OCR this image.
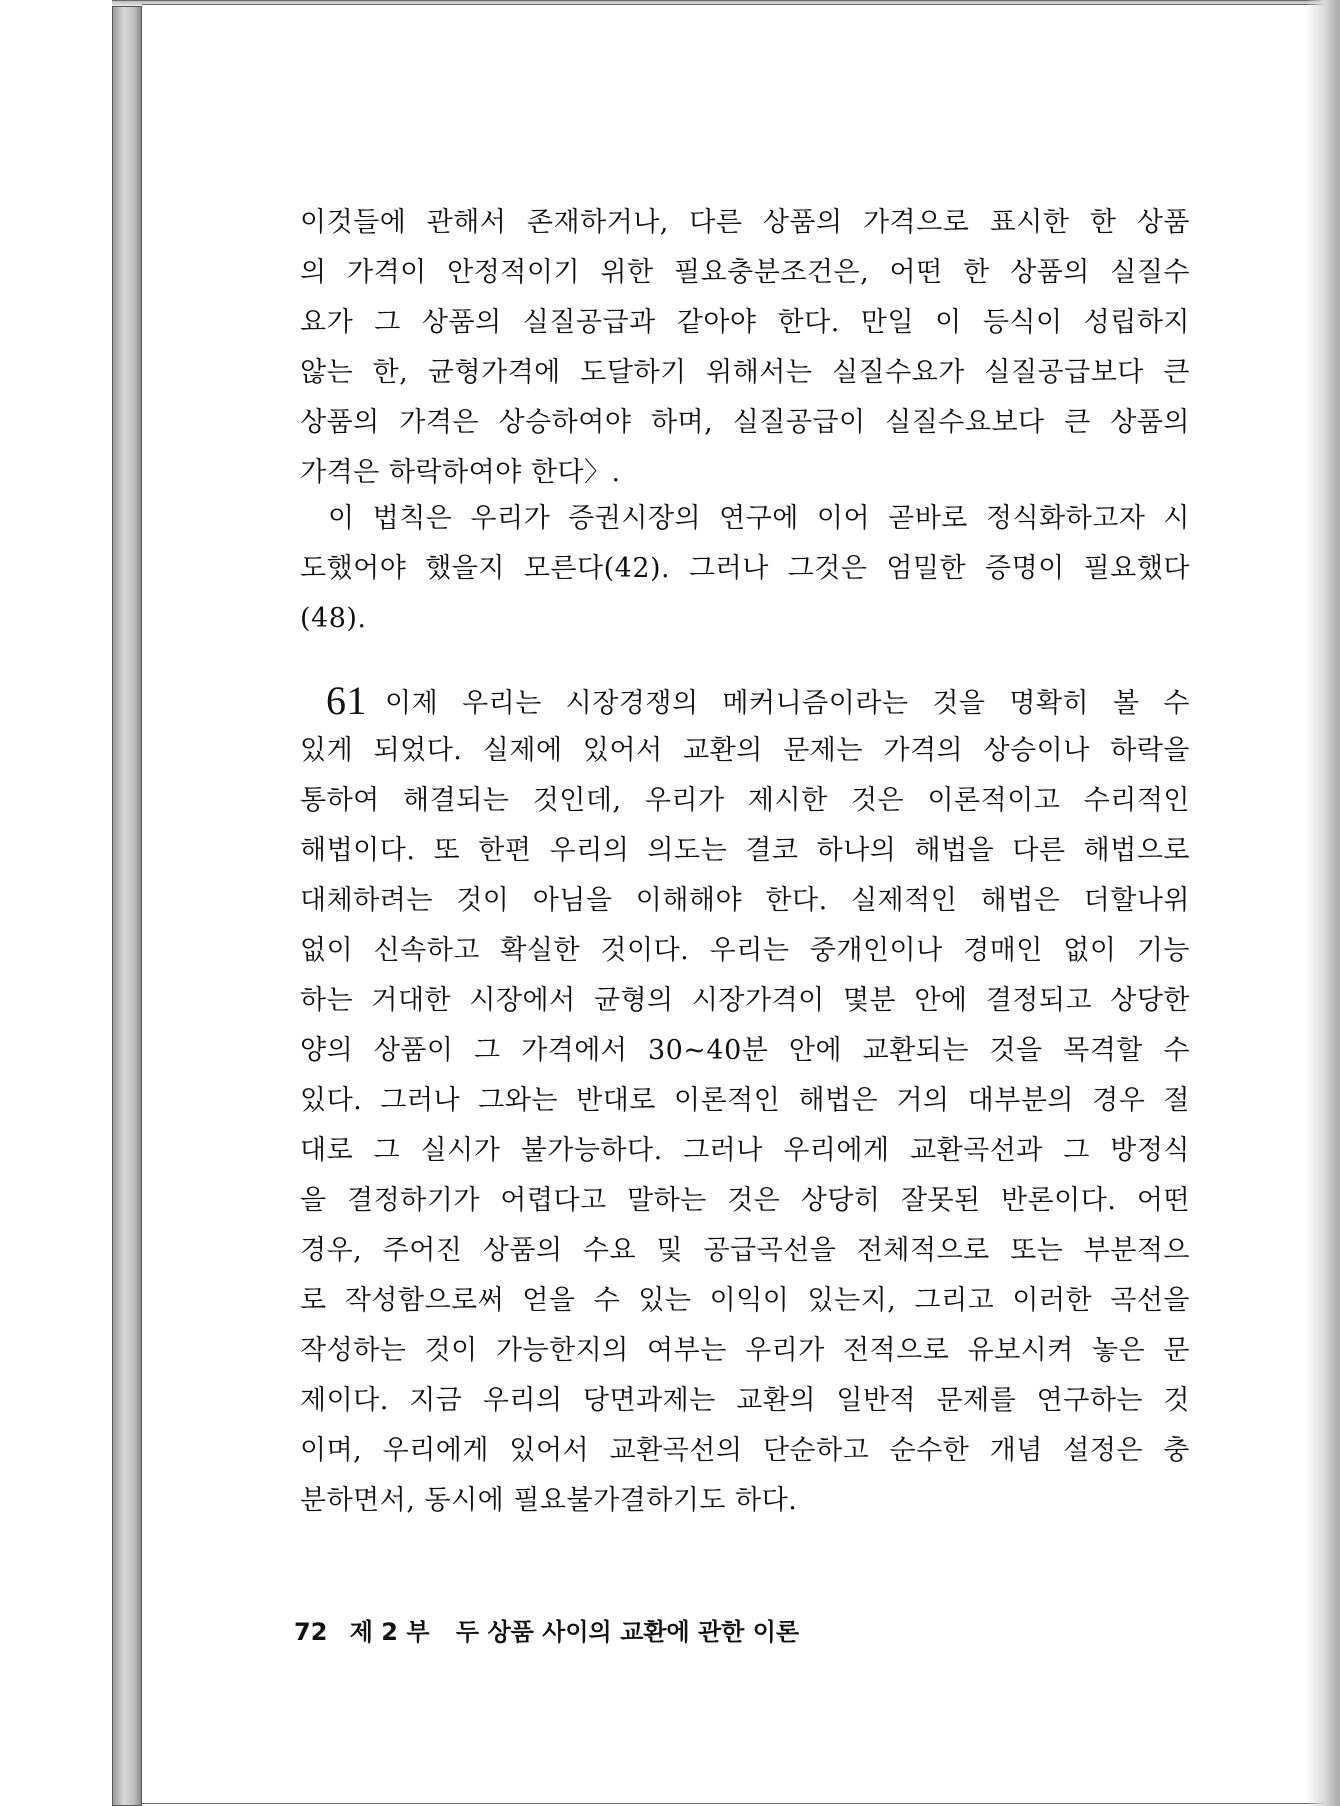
이것들에 관해서 존재하거나, 다른 상품의 가격으로 표시한 한 상품
의 가격이 안정적이기 위한 필요충분조건은, 어떤 한 상품의 실질수
요가 그 상품의 실질공급과 같아야 한다. 만일 이 등식이 성립하지
않는 한, 균형가격에 도달하기 위해서는 실질수요가 실질공급보다 큰
상품의 가격은 상승하여야 하며, 실질공급이 실질수요보다 큰 상품의
가격은 하락하여야 한다〉.
이 법칙은 우리가 증권시장의 연구에 이어 곧바로 정식화하고자 시
도했어야 했을지 모른다(42). 그러나 그것은 엄밀한 증명이 필요했다
(48).
61 이제 우리는 시장경쟁의 메커니즘이라는 것을 명확히 볼 수
있게 되었다. 실제에 있어서 교환의 문제는 가격의 상승이나 하락을
통하여 해결되는 것인데, 우리가 제시한 것은 이론적이고 수리적인
해법이다. 또 한편 우리의 의도는 결코 하나의 해법을 다른 해법으로
대체하려는 것이 아님을 이해해야 한다. 실제적인 해법은 더할나위
없이 신속하고 확실한 것이다. 우리는 중개인이나 경매인 없이 기능
하는 거대한 시장에서 균형의 시장가격이 몇분 안에 결정되고 상당한
양의 상품이 그 가격에서 30~40분 안에 교환되는 것을 목격할 수
있다. 그러나 그와는 반대로 이론적인 해법은 거의 대부분의 경우 절
대로 그 실시가 불가능하다. 그러나 우리에게 교환곡선과 그 방정식
을 결정하기가 어렵다고 말하는 것은 상당히 잘못된 반론이다. 어떤
경우, 주어진 상품의 수요 및 공급곡선을 전체적으로 또는 부분적으
로 작성함으로써 얻을 수 있는 이익이 있는지, 그리고 이러한 곡선을
작성하는 것이 가능한지의 여부는 우리가 전적으로 유보시켜 놓은 문
제이다. 지금 우리의 당면과제는 교환의 일반적 문제를 연구하는 것
이며, 우리에게 있어서 교환곡선의 단순하고 순수한 개념 설정은 충
분하면서, 동시에 필요불가결하기도 하다.
72 제 2 부 두 상품 사이의 교환에 관한 이론
